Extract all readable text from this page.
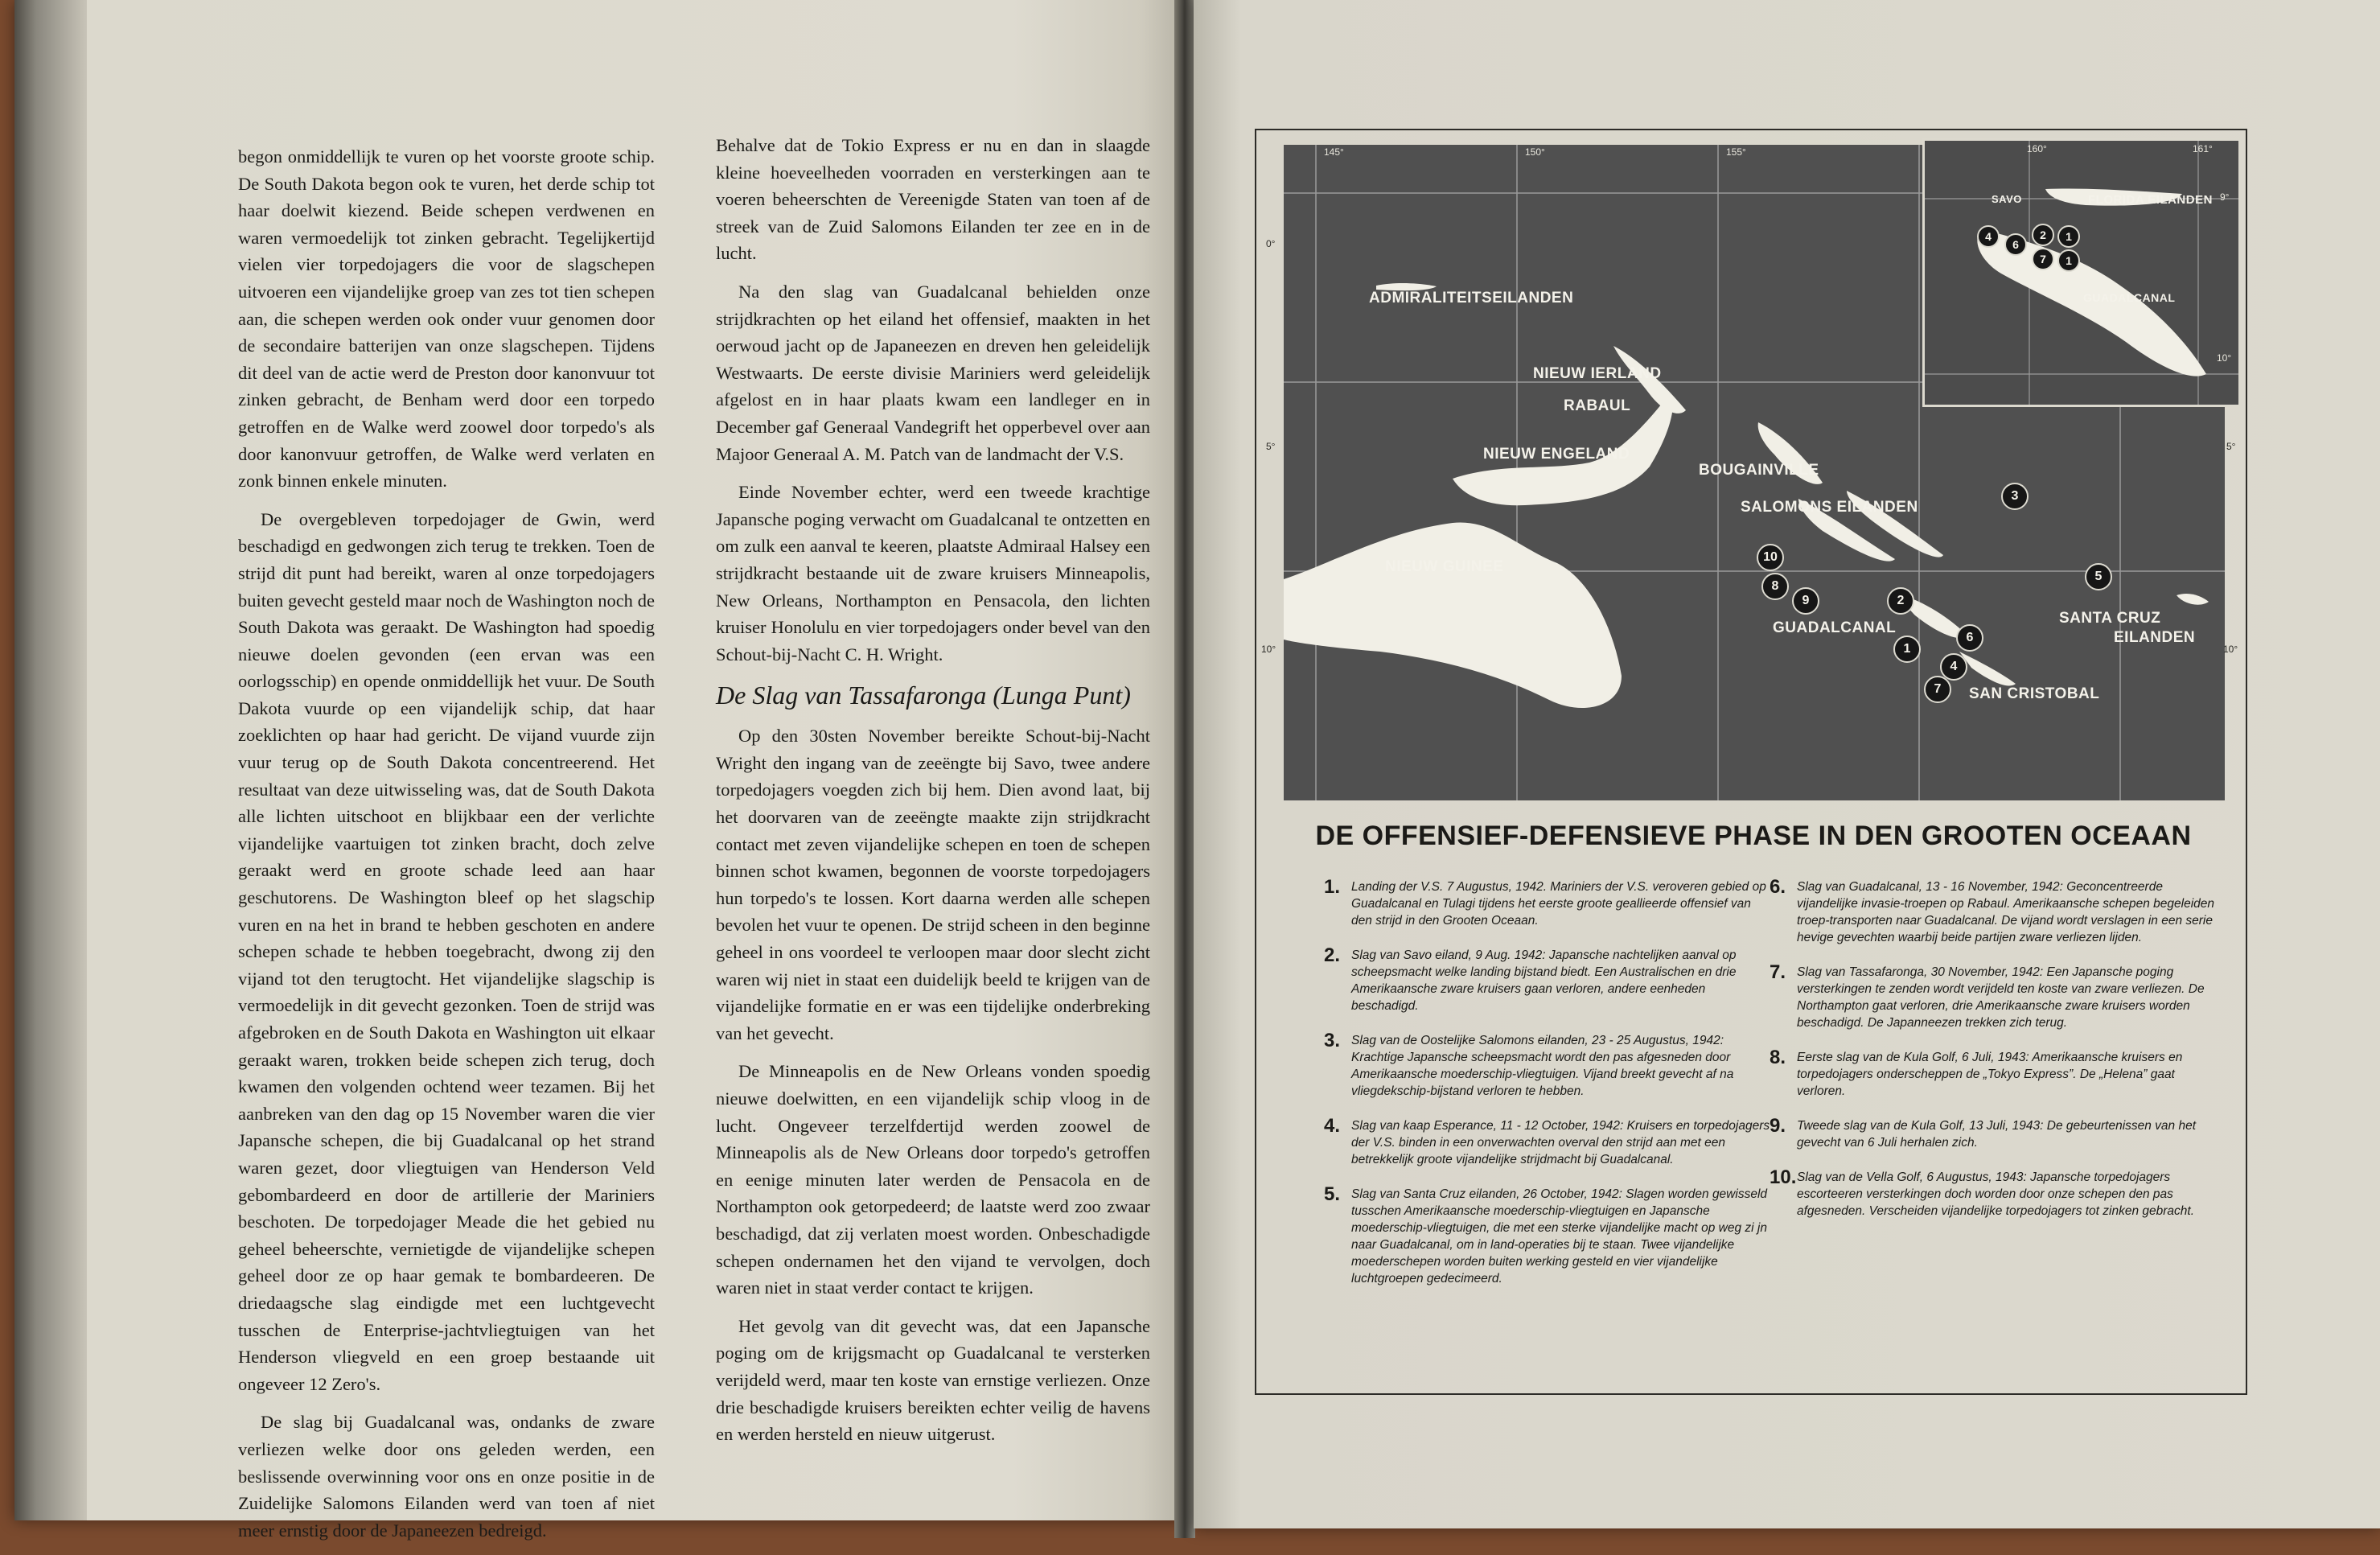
begon onmiddellijk te vuren op het voorste groote schip. De South Dakota begon ook te vuren, het derde schip tot haar doelwit kiezend. Beide schepen verdwenen en waren vermoedelijk tot zinken gebracht. Tegelijkertijd vielen vier torpedojagers die voor de slagschepen uitvoeren een vijandelijke groep van zes tot tien schepen aan, die schepen werden ook onder vuur genomen door de secondaire batterijen van onze slagschepen. Tijdens dit deel van de actie werd de Preston door kanonvuur tot zinken gebracht, de Benham werd door een torpedo getroffen en de Walke werd zoowel door torpedo's als door kanonvuur getroffen, de Walke werd verlaten en zonk binnen enkele minuten.

De overgebleven torpedojager de Gwin, werd beschadigd en gedwongen zich terug te trekken. Toen de strijd dit punt had bereikt, waren al onze torpedojagers buiten gevecht gesteld maar noch de Washington noch de South Dakota was geraakt. De Washington had spoedig nieuwe doelen gevonden (een ervan was een oorlogsschip) en opende onmiddellijk het vuur. De South Dakota vuurde op een vijandelijk schip, dat haar zoeklichten op haar had gericht. De vijand vuurde zijn vuur terug op de South Dakota concentreerend. Het resultaat van deze uitwisseling was, dat de South Dakota alle lichten uitschoot en blijkbaar een der verlichte vijandelijke vaartuigen tot zinken bracht, doch zelve geraakt werd en groote schade leed aan haar geschutorens. De Washington bleef op het slagschip vuren en na het in brand te hebben geschoten en andere schepen schade te hebben toegebracht, dwong zij den vijand tot den terugtocht. Het vijandelijke slagschip is vermoedelijk in dit gevecht gezonken. Toen de strijd was afgebroken en de South Dakota en Washington uit elkaar geraakt waren, trokken beide schepen zich terug, doch kwamen den volgenden ochtend weer tezamen. Bij het aanbreken van den dag op 15 November waren die vier Japansche schepen, die bij Guadalcanal op het strand waren gezet, door vliegtuigen van Henderson Veld gebombardeerd en door de artillerie der Mariniers beschoten. De torpedojager Meade die het gebied nu geheel beheerschte, vernietigde de vijandelijke schepen geheel door ze op haar gemak te bombardeeren. De driedaagsche slag eindigde met een luchtgevecht tusschen de Enterprise-jachtvliegtuigen van het Henderson vliegveld en een groep bestaande uit ongeveer 12 Zero's.

De slag bij Guadalcanal was, ondanks de zware verliezen welke door ons geleden werden, een beslissende overwinning voor ons en onze positie in de Zuidelijke Salomons Eilanden werd van toen af niet meer ernstig door de Japaneezen bedreigd.

Behalve dat de Tokio Express er nu en dan in slaagde kleine hoeveelheden voorraden en versterkingen aan te voeren beheerschten de Vereenigde Staten van toen af de streek van de Zuid Salomons Eilanden ter zee en in de lucht.

Na den slag van Guadalcanal behielden onze strijdkrachten op het eiland het offensief, maakten in het oerwoud jacht op de Japaneezen en dreven hen geleidelijk Westwaarts. De eerste divisie Mariniers werd geleidelijk afgelost en in haar plaats kwam een landleger en in December gaf Generaal Vandegrift het opperbevel over aan Majoor Generaal A. M. Patch van de landmacht der V.S.

Einde November echter, werd een tweede krachtige Japansche poging verwacht om Guadalcanal te ontzetten en om zulk een aanval te keeren, plaatste Admiraal Halsey een strijdkracht bestaande uit de zware kruisers Minneapolis, New Orleans, Northampton en Pensacola, den lichten kruiser Honolulu en vier torpedojagers onder bevel van den Schout-bij-Nacht C. H. Wright.

De Slag van Tassafaronga (Lunga Punt)

Op den 30sten November bereikte Schout-bij-Nacht Wright den ingang van de zeeëngte bij Savo, twee andere torpedojagers voegden zich bij hem. Dien avond laat, bij het doorvaren van de zeeëngte maakte zijn strijdkracht contact met zeven vijandelijke schepen en toen de schepen binnen schot kwamen, begonnen de voorste torpedojagers hun torpedo's te lossen. Kort daarna werden alle schepen bevolen het vuur te openen. De strijd scheen in den beginne geheel in ons voordeel te verloopen maar door slecht zicht waren wij niet in staat een duidelijk beeld te krijgen van de vijandelijke formatie en er was een tijdelijke onderbreking van het gevecht.

De Minneapolis en de New Orleans vonden spoedig nieuwe doelwitten, en een vijandelijk schip vloog in de lucht. Ongeveer terzelfdertijd werden zoowel de Minneapolis als de New Orleans door torpedo's getroffen en eenige minuten later werden de Pensacola en de Northampton ook getorpedeerd; de laatste werd zoo zwaar beschadigd, dat zij verlaten moest worden. Onbeschadigde schepen ondernamen het den vijand te vervolgen, doch waren niet in staat verder contact te krijgen.

Het gevolg van dit gevecht was, dat een Japansche poging om de krijgsmacht op Guadalcanal te versterken verijdeld werd, maar ten koste van ernstige verliezen. Onze drie beschadigde kruisers bereikten echter veilig de havens en werden hersteld en nieuw uitgerust.

145°	150°	155°	160°	161°
0°
5°
10°
5°
10°
9°
10°
ADMIRALITEITSEILANDEN
NIEUW IERLAND
RABAUL
NIEUW ENGELAND
BOUGAINVILLE
SALOMONS EILANDEN
NIEUW GUINEE
GUADALCANAL
SANTA CRUZ
EILANDEN
SAN CRISTOBAL
SAVO	FLORIDA EILANDEN
GUADALCANAL
10
8
9
3
5
2
6
1
4
7
4
6
2	1
7	1
DE OFFENSIEF-DEFENSIEVE PHASE IN DEN GROOTEN OCEAAN
1. Landing der V.S. 7 Augustus, 1942. Mariniers der V.S. veroveren gebied op Guadalcanal en Tulagi tijdens het eerste groote geallieerde offensief van den strijd in den Grooten Oceaan.
2. Slag van Savo eiland, 9 Aug. 1942: Japansche nachtelijken aanval op scheepsmacht welke landing bijstand biedt. Een Australischen en drie Amerikaansche zware kruisers gaan verloren, andere eenheden beschadigd.
3. Slag van de Oostelijke Salomons eilanden, 23 - 25 Augustus, 1942: Krachtige Japansche scheepsmacht wordt den pas afgesneden door Amerikaansche moederschip-vliegtuigen. Vijand breekt gevecht af na vliegdekschip-bijstand verloren te hebben.
4. Slag van kaap Esperance, 11 - 12 October, 1942: Kruisers en torpedojagers der V.S. binden in een onverwachten overval den strijd aan met een betrekkelijk groote vijandelijke strijdmacht bij Guadalcanal.
5. Slag van Santa Cruz eilanden, 26 October, 1942: Slagen worden gewisseld tusschen Amerikaansche moederschip-vliegtuigen en Japansche moederschip-vliegtuigen, die met een sterke vijandelijke macht op weg zi jn naar Guadalcanal, om in land-operaties bij te staan. Twee vijandelijke moederschepen worden buiten werking gesteld en vier vijandelijke luchtgroepen gedecimeerd.
6. Slag van Guadalcanal, 13 - 16 November, 1942: Geconcentreerde vijandelijke invasie-troepen op Rabaul. Amerikaansche schepen begeleiden troep-transporten naar Guadalcanal. De vijand wordt verslagen in een serie hevige gevechten waarbij beide partijen zware verliezen lijden.
7. Slag van Tassafaronga, 30 November, 1942: Een Japansche poging versterkingen te zenden wordt verijdeld ten koste van zware verliezen. De Northampton gaat verloren, drie Amerikaansche zware kruisers worden beschadigd. De Japanneezen trekken zich terug.
8. Eerste slag van de Kula Golf, 6 Juli, 1943: Amerikaansche kruisers en torpedojagers onderscheppen de „Tokyo Express”. De „Helena” gaat verloren.
9. Tweede slag van de Kula Golf, 13 Juli, 1943: De gebeurtenissen van het gevecht van 6 Juli herhalen zich.
10. Slag van de Vella Golf, 6 Augustus, 1943: Japansche torpedojagers escorteeren versterkingen doch worden door onze schepen den pas afgesneden. Verscheiden vijandelijke torpedojagers tot zinken gebracht.
